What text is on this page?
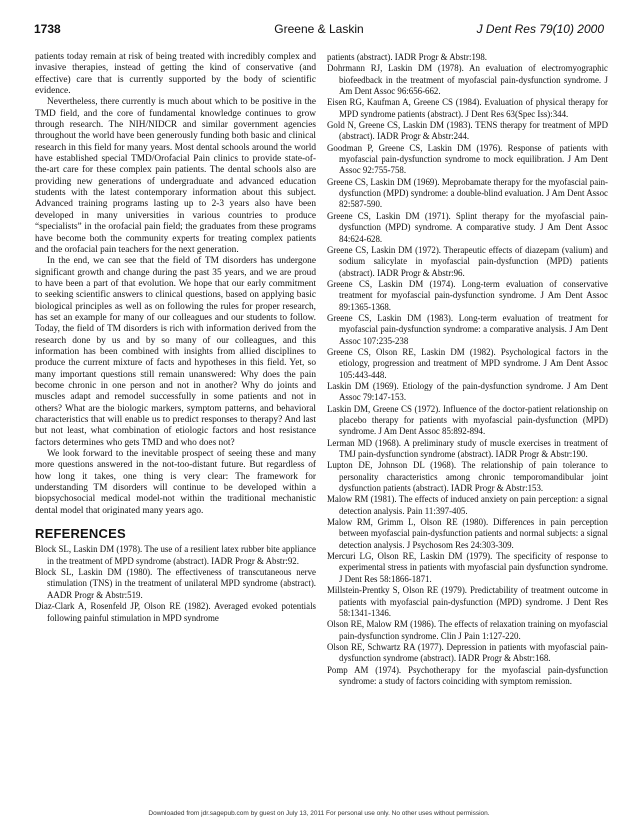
1738	Greene & Laskin	J Dent Res 79(10) 2000

patients today remain at risk of being treated with incredibly complex and invasive therapies, instead of getting the kind of conservative (and effective) care that is currently supported by the body of scientific evidence.

Nevertheless, there currently is much about which to be positive in the TMD field, and the core of fundamental knowledge continues to grow through research. The NIH/NIDCR and similar government agencies throughout the world have been generously funding both basic and clinical research in this field for many years. Most dental schools around the world have established special TMD/Orofacial Pain clinics to provide state-of-the-art care for these complex pain patients. The dental schools also are providing new generations of undergraduate and advanced education students with the latest contemporary information about this subject. Advanced training programs lasting up to 2-3 years also have been developed in many universities in various countries to produce “specialists” in the orofacial pain field; the graduates from these programs have become both the community experts for treating complex patients and the orofacial pain teachers for the next generation.

In the end, we can see that the field of TM disorders has undergone significant growth and change during the past 35 years, and we are proud to have been a part of that evolution. We hope that our early commitment to seeking scientific answers to clinical questions, based on applying basic biological principles as well as on following the rules for proper research, has set an example for many of our colleagues and our students to follow. Today, the field of TM disorders is rich with information derived from the research done by us and by so many of our colleagues, and this information has been combined with insights from allied disciplines to produce the current mixture of facts and hypotheses in this field. Yet, so many important questions still remain unanswered: Why does the pain become chronic in one person and not in another? Why do joints and muscles adapt and remodel successfully in some patients and not in others? What are the biologic markers, symptom patterns, and behavioral characteristics that will enable us to predict responses to therapy? And last but not least, what combination of etiologic factors and host resistance factors determines who gets TMD and who does not?

We look forward to the inevitable prospect of seeing these and many more questions answered in the not-too-distant future. But regardless of how long it takes, one thing is very clear: The framework for understanding TM disorders will continue to be developed within a biopsychosocial medical model-not within the traditional mechanistic dental model that originated many years ago.

REFERENCES

Block SL, Laskin DM (1978). The use of a resilient latex rubber bite appliance in the treatment of MPD syndrome (abstract). IADR Progr & Abstr:92.

Block SL, Laskin DM (1980). The effectiveness of transcutaneous nerve stimulation (TNS) in the treatment of unilateral MPD syndrome (abstract). AADR Progr & Abstr:519.

Diaz-Clark A, Rosenfeld JP, Olson RE (1982). Averaged evoked potentials following painful stimulation in MPD syndrome

patients (abstract). IADR Progr & Abstr:198.

Dohrmann RJ, Laskin DM (1978). An evaluation of electromyographic biofeedback in the treatment of myofascial pain-dysfunction syndrome. J Am Dent Assoc 96:656-662.

Eisen RG, Kaufman A, Greene CS (1984). Evaluation of physical therapy for MPD syndrome patients (abstract). J Dent Res 63(Spec Iss):344.

Gold N, Greene CS, Laskin DM (1983). TENS therapy for treatment of MPD (abstract). IADR Progr & Abstr:244.

Goodman P, Greene CS, Laskin DM (1976). Response of patients with myofascial pain-dysfunction syndrome to mock equilibration. J Am Dent Assoc 92:755-758.

Greene CS, Laskin DM (1969). Meprobamate therapy for the myofascial pain-dysfunction (MPD) syndrome: a double-blind evaluation. J Am Dent Assoc 82:587-590.

Greene CS, Laskin DM (1971). Splint therapy for the myofascial pain-dysfunction (MPD) syndrome. A comparative study. J Am Dent Assoc 84:624-628.

Greene CS, Laskin DM (1972). Therapeutic effects of diazepam (valium) and sodium salicylate in myofascial pain-dysfunction (MPD) patients (abstract). IADR Progr & Abstr:96.

Greene CS, Laskin DM (1974). Long-term evaluation of conservative treatment for myofascial pain-dysfunction syndrome. J Am Dent Assoc 89:1365-1368.

Greene CS, Laskin DM (1983). Long-term evaluation of treatment for myofascial pain-dysfunction syndrome: a comparative analysis. J Am Dent Assoc 107:235-238

Greene CS, Olson RE, Laskin DM (1982). Psychological factors in the etiology, progression and treatment of MPD syndrome. J Am Dent Assoc 105:443-448.

Laskin DM (1969). Etiology of the pain-dysfunction syndrome. J Am Dent Assoc 79:147-153.

Laskin DM, Greene CS (1972). Influence of the doctor-patient relationship on placebo therapy for patients with myofascial pain-dysfunction (MPD) syndrome. J Am Dent Assoc 85:892-894.

Lerman MD (1968). A preliminary study of muscle exercises in treatment of TMJ pain-dysfunction syndrome (abstract). IADR Progr & Abstr:190.

Lupton DE, Johnson DL (1968). The relationship of pain tolerance to personality characteristics among chronic temporomandibular joint dysfunction patients (abstract). IADR Progr & Abstr:153.

Malow RM (1981). The effects of induced anxiety on pain perception: a signal detection analysis. Pain 11:397-405.

Malow RM, Grimm L, Olson RE (1980). Differences in pain perception between myofascial pain-dysfunction patients and normal subjects: a signal detection analysis. J Psychosom Res 24:303-309.

Mercuri LG, Olson RE, Laskin DM (1979). The specificity of response to experimental stress in patients with myofascial pain dysfunction syndrome. J Dent Res 58:1866-1871.

Millstein-Prentky S, Olson RE (1979). Predictability of treatment outcome in patients with myofascial pain-dysfunction (MPD) syndrome. J Dent Res 58:1341-1346.

Olson RE, Malow RM (1986). The effects of relaxation training on myofascial pain-dysfunction syndrome. Clin J Pain 1:127-220.

Olson RE, Schwartz RA (1977). Depression in patients with myofascial pain-dysfunction syndrome (abstract). IADR Progr & Abstr:168.

Pomp AM (1974). Psychotherapy for the myofascial pain-dysfunction syndrome: a study of factors coinciding with symptom remission.

Downloaded from jdr.sagepub.com by guest on July 13, 2011 For personal use only. No other uses without permission.
